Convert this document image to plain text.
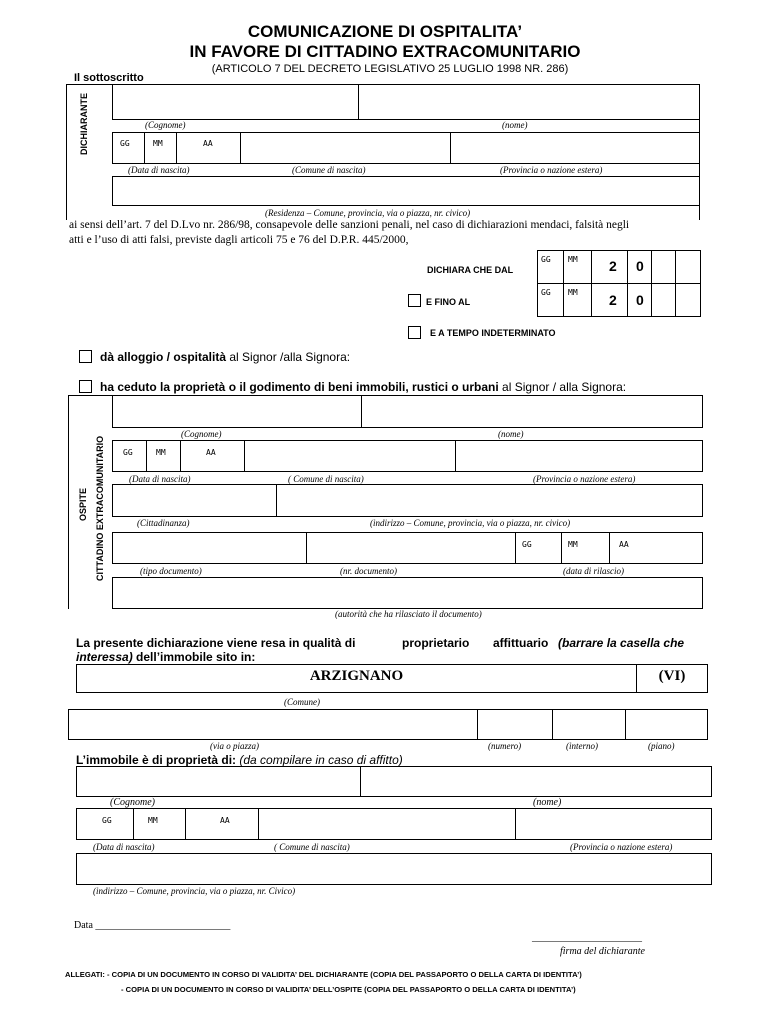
COMUNICAZIONE DI OSPITALITA’
IN FAVORE DI CITTADINO EXTRACOMUNITARIO
(ARTICOLO 7 DEL DECRETO LEGISLATIVO 25 LUGLIO 1998 NR. 286)
Il sottoscritto
DICHIARANTE	(Cognome)	(nome)
GG	MM	AA
(Data di nascita)	(Comune di nascita)	(Provincia o nazione estera)
(Residenza – Comune, provincia, via o piazza, nr. civico)
ai sensi dell’art. 7 del D.Lvo nr. 286/98, consapevole delle sanzioni penali, nel caso di dichiarazioni mendaci, falsità negli
atti e l’uso di atti falsi, previste dagli articoli 75 e 76 del D.P.R. 445/2000,
DICHIARA CHE DAL
GG MM 2 0
E FINO AL
GG MM 2 0
E A TEMPO INDETERMINATO
dà alloggio / ospitalità al Signor /alla Signora:
ha ceduto la proprietà o il godimento di beni immobili, rustici o urbani al Signor / alla Signora:
OSPITE CITTADINO EXTRACOMUNITARIO
(Cognome)	(nome)
GG	MM	AA
(Data di nascita)	( Comune di nascita)	(Provincia o nazione estera)
(Cittadinanza)	(indirizzo – Comune, provincia, via o piazza, nr. civico)
GG	MM	AA
(tipo documento)	(nr. documento)	(data di rilascio)
(autorità che ha rilasciato il documento)
La presente dichiarazione viene resa in qualità di	proprietario affittuario (barrare la casella che
interessa) dell’immobile sito in:
ARZIGNANO	(VI)
(Comune)
(via o piazza)	(numero)	(interno)	(piano)
L’immobile è di proprietà di: (da compilare in caso di affitto)
(Cognome)	(nome)
GG	MM	AA
(Data di nascita)	( Comune di nascita)	(Provincia o nazione estera)
(indirizzo – Comune, provincia, via o piazza, nr. Civico)
Data ___________________________
______________________
firma del dichiarante
ALLEGATI: - COPIA DI UN DOCUMENTO IN CORSO DI VALIDITA’ DEL DICHIARANTE (COPIA DEL PASSAPORTO O DELLA CARTA DI IDENTITA’)
- COPIA DI UN DOCUMENTO IN CORSO DI VALIDITA’ DELL’OSPITE (COPIA DEL PASSAPORTO O DELLA CARTA DI IDENTITA’)
